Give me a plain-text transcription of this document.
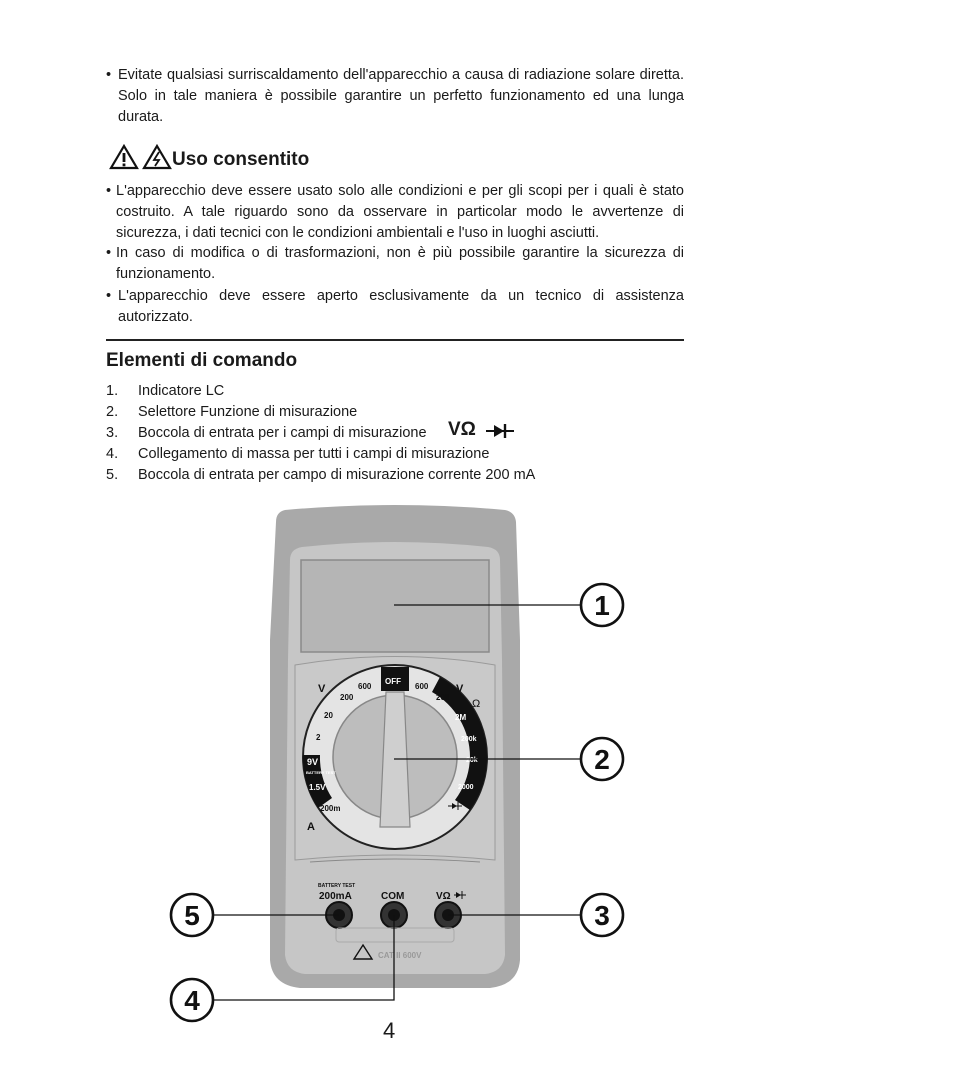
• Evitate qualsiasi surriscaldamento dell'apparecchio a causa di radiazione solare diretta. Solo in tale maniera è possibile garantire un perfetto funzionamento ed una lunga durata.
Uso consentito
• L'apparecchio deve essere usato solo alle condizioni e per gli scopi per i quali è stato costruito. A tale riguardo sono da osservare in particolar modo le avvertenze di sicurezza, i dati tecnici con le condizioni ambientali e l'uso in luoghi asciutti.
• In caso di modifica o di trasformazioni, non è più possibile garantire la sicurezza di funzionamento.
• L'apparecchio deve essere aperto esclusivamente da un tecnico di assistenza autorizzato.
Elementi di comando
1. Indicatore LC
2. Selettore Funzione di misurazione
3. Boccola di entrata per i campi di misurazione VΩ
4. Collegamento di massa per tutti i campi di misurazione
5. Boccola di entrata per campo di misurazione corrente 200 mA
V	600
200
20
2
9V
BATTERY TEST
1.5V
200m
A
OFF
V
600
200
Ω
2M
200k
20k
2000
BATTERY TEST
200mA	COM	VΩ
CAT II 600V
1
2
3
4
5
4
